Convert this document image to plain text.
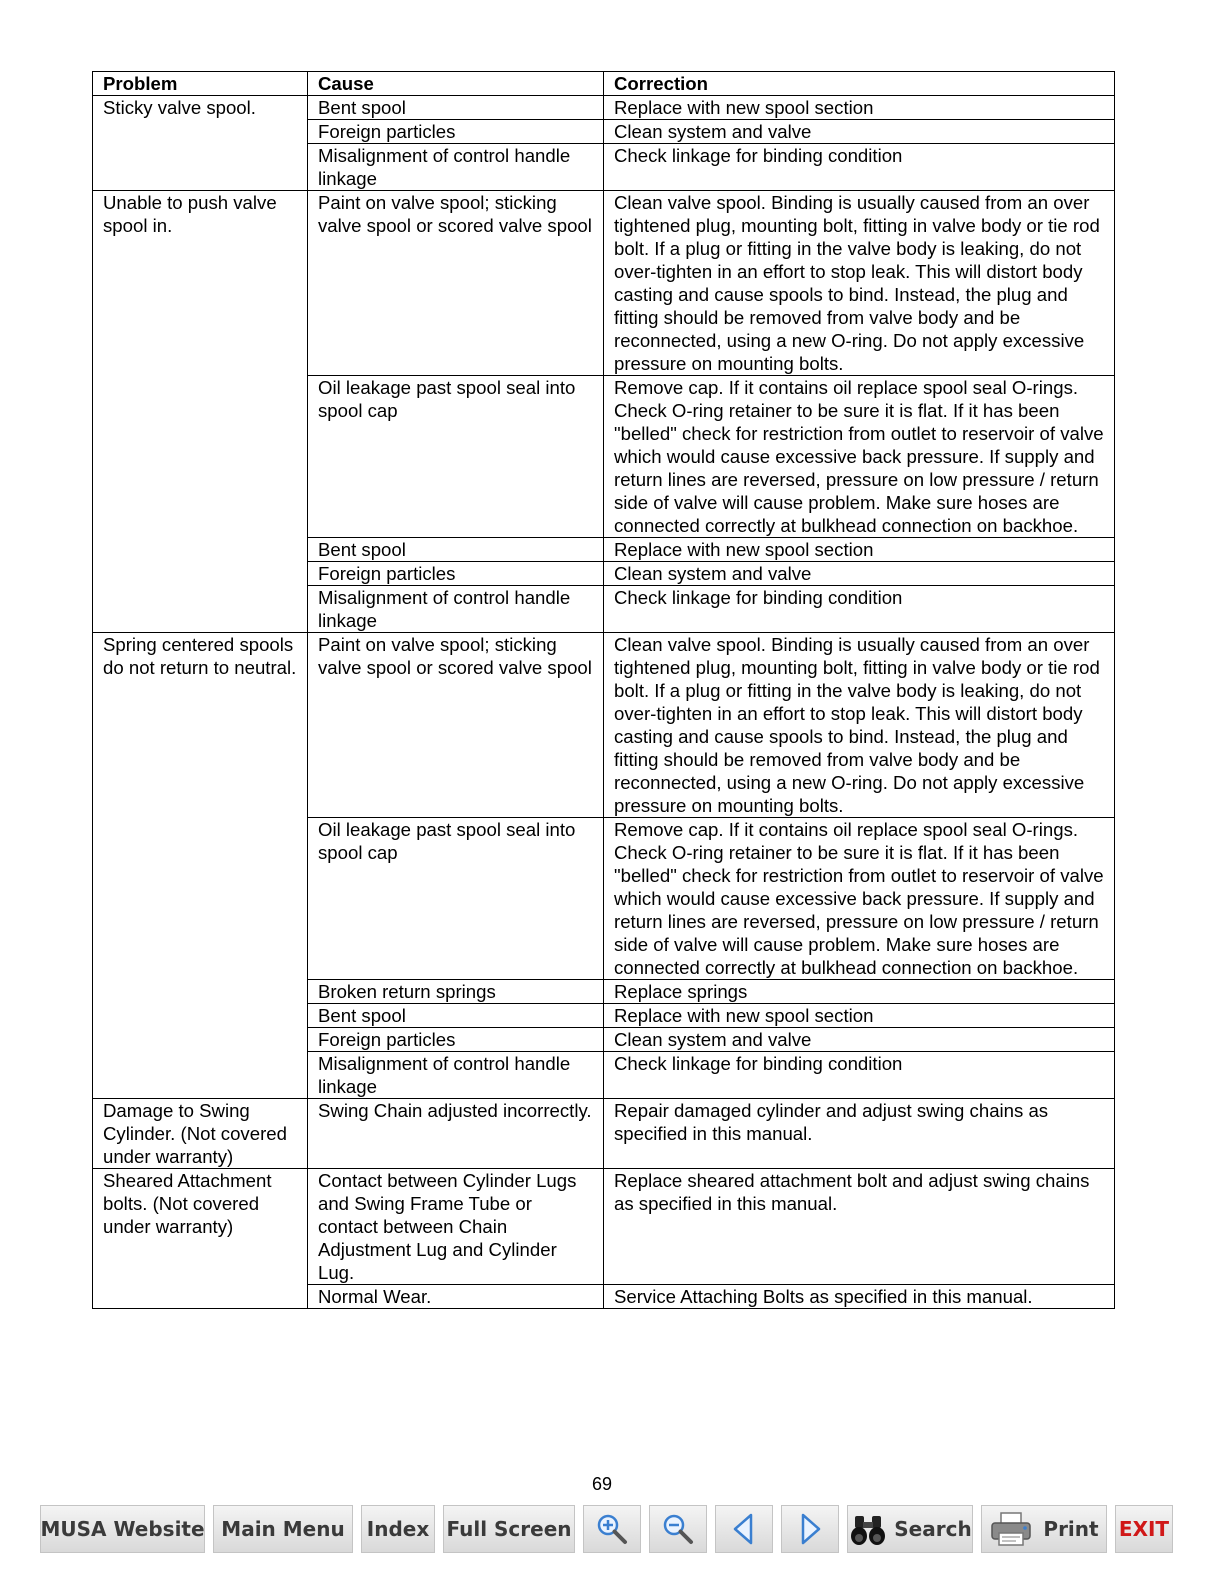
Problem	Cause	Correction
Sticky valve spool.	Bent spool	Replace with new spool section
	Foreign particles	Clean system and valve
	Misalignment of control handle linkage	Check linkage for binding condition
Unable to push valve spool in.	Paint on valve spool; sticking valve spool or scored valve spool	Clean valve spool. Binding is usually caused from an over tightened plug, mounting bolt, fitting in valve body or tie rod bolt. If a plug or fitting in the valve body is leaking, do not over-tighten in an effort to stop leak. This will distort body casting and cause spools to bind. Instead, the plug and fitting should be removed from valve body and be reconnected, using a new O-ring. Do not apply excessive pressure on mounting bolts.
	Oil leakage past spool seal into spool cap	Remove cap. If it contains oil replace spool seal O-rings. Check O-ring retainer to be sure it is flat. If it has been "belled" check for restriction from outlet to reservoir of valve which would cause excessive back pressure. If supply and return lines are reversed, pressure on low pressure / return side of valve will cause problem. Make sure hoses are connected correctly at bulkhead connection on backhoe.
	Bent spool	Replace with new spool section
	Foreign particles	Clean system and valve
	Misalignment of control handle linkage	Check linkage for binding condition
Spring centered spools do not return to neutral.	Paint on valve spool; sticking valve spool or scored valve spool	Clean valve spool. Binding is usually caused from an over tightened plug, mounting bolt, fitting in valve body or tie rod bolt. If a plug or fitting in the valve body is leaking, do not over-tighten in an effort to stop leak. This will distort body casting and cause spools to bind. Instead, the plug and fitting should be removed from valve body and be reconnected, using a new O-ring. Do not apply excessive pressure on mounting bolts.
	Oil leakage past spool seal into spool cap	Remove cap. If it contains oil replace spool seal O-rings. Check O-ring retainer to be sure it is flat. If it has been "belled" check for restriction from outlet to reservoir of valve which would cause excessive back pressure. If supply and return lines are reversed, pressure on low pressure / return side of valve will cause problem. Make sure hoses are connected correctly at bulkhead connection on backhoe.
	Broken return springs	Replace springs
	Bent spool	Replace with new spool section
	Foreign particles	Clean system and valve
	Misalignment of control handle linkage	Check linkage for binding condition
Damage to Swing Cylinder. (Not covered under warranty)	Swing Chain adjusted incorrectly.	Repair damaged cylinder and adjust swing chains as specified in this manual.
Sheared Attachment bolts. (Not covered under warranty)	Contact between Cylinder Lugs and Swing Frame Tube or contact between Chain Adjustment Lug and Cylinder Lug.	Replace sheared attachment bolt and adjust swing chains as specified in this manual.
	Normal Wear.	Service Attaching Bolts as specified in this manual.
69
MUSA Website Main Menu Index Full Screen	Search	Print EXIT
